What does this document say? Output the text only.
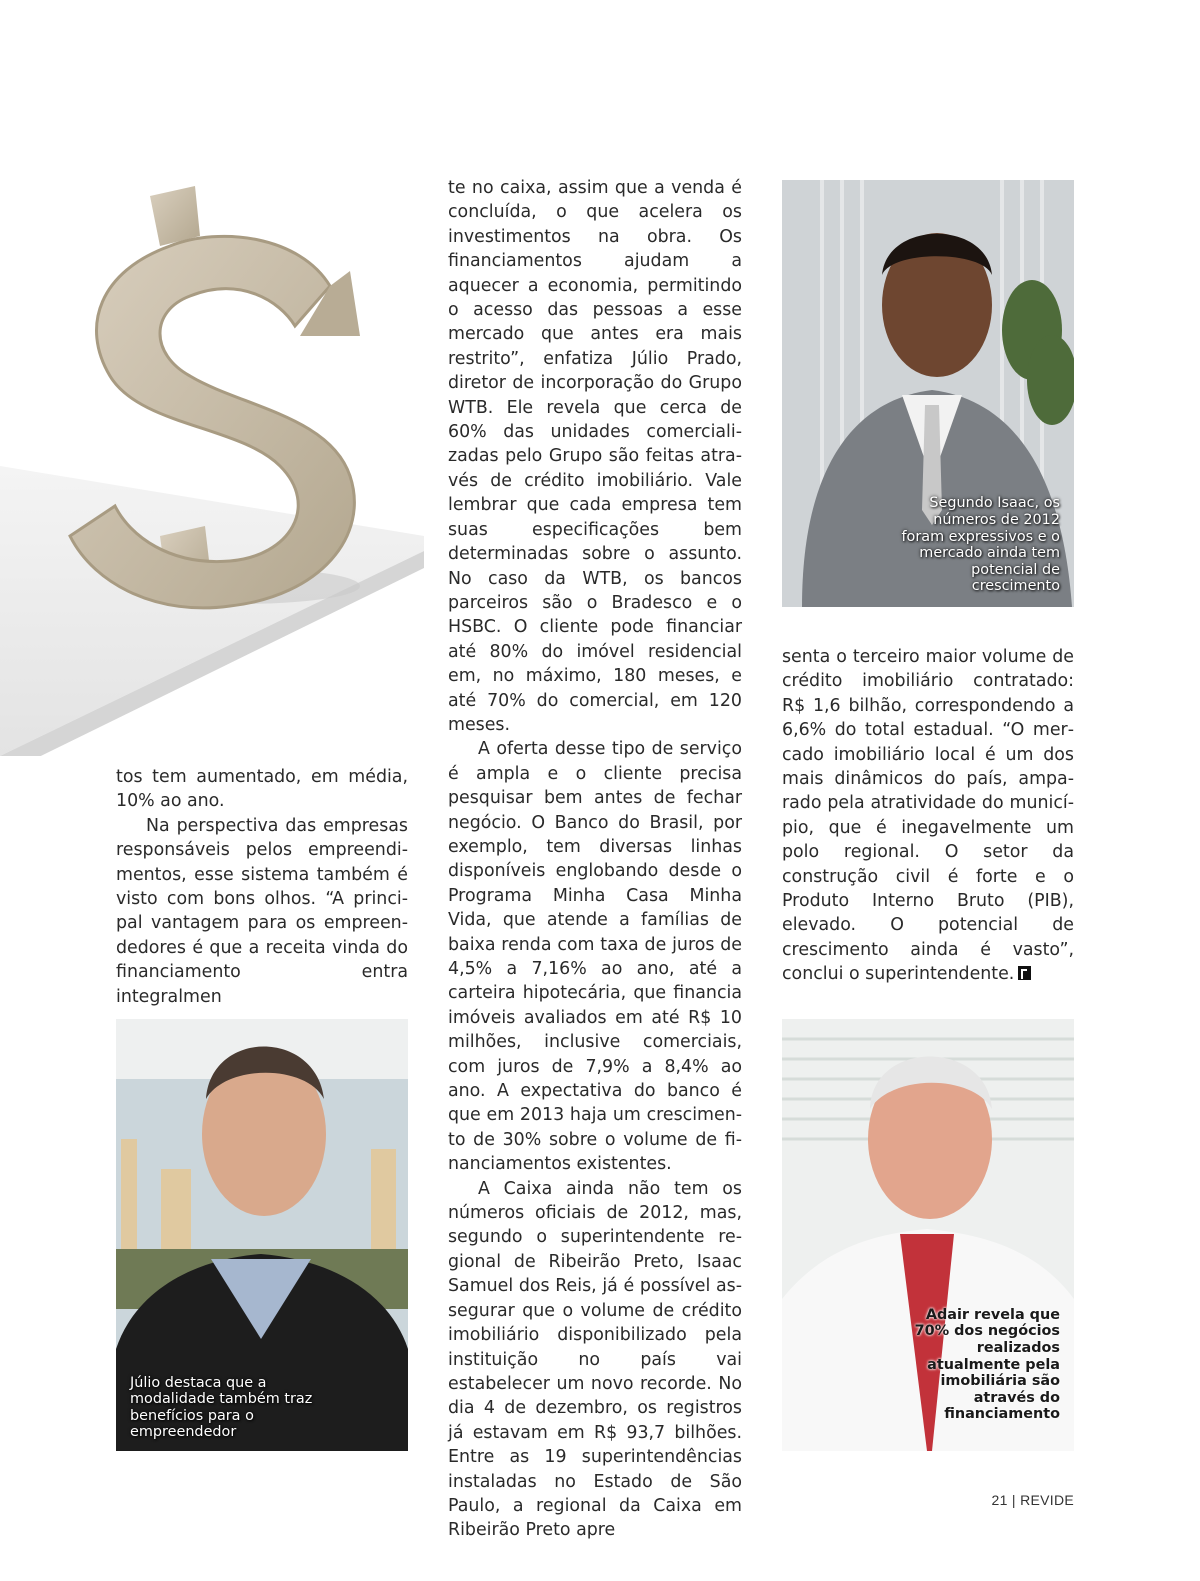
Segundo Isaac, os números de 2012 foram expressivos e o mercado ainda tem potencial de crescimento
Júlio destaca que a modalidade também traz benefícios para o empreendedor
Adair revela que 70% dos negócios realizados atualmente pela imobiliária são através do financiamento

tos tem aumentado, em média, 10% ao ano.

Na perspectiva das empresas responsáveis pelos empreendimentos, esse sistema também é visto com bons olhos. “A principal vantagem para os empreendedores é que a receita vinda do financiamento entra integralmen

te no caixa, assim que a venda é concluída, o que acelera os investimentos na obra. Os financiamentos ajudam a aquecer a economia, permitindo o acesso das pessoas a esse mercado que antes era mais restrito”, enfatiza Júlio Prado, diretor de incorporação do Grupo WTB. Ele revela que cerca de 60% das unidades comercializadas pelo Grupo são feitas através de crédito imobiliário. Vale lembrar que cada empresa tem suas especificações bem determinadas sobre o assunto. No caso da WTB, os bancos parceiros são o Bradesco e o HSBC. O cliente pode financiar até 80% do imóvel residencial em, no máximo, 180 meses, e até 70% do comercial, em 120 meses.

A oferta desse tipo de serviço é ampla e o cliente precisa pesquisar bem antes de fechar negócio. O Banco do Brasil, por exemplo, tem diversas linhas disponíveis englobando desde o Programa Minha Casa Minha Vida, que atende a famílias de baixa renda com taxa de juros de 4,5% a 7,16% ao ano, até a carteira hipotecária, que financia imóveis avaliados em até R$ 10 milhões, inclusive comerciais, com juros de 7,9% a 8,4% ao ano. A expectativa do banco é que em 2013 haja um crescimento de 30% sobre o volume de financiamentos existentes.

A Caixa ainda não tem os números oficiais de 2012, mas, segundo o superintendente regional de Ribeirão Preto, Isaac Samuel dos Reis, já é possível assegurar que o volume de crédito imobiliário disponibilizado pela instituição no país vai estabelecer um novo recorde. No dia 4 de dezembro, os registros já estavam em R$ 93,7 bilhões. Entre as 19 superintendências instaladas no Estado de São Paulo, a regional da Caixa em Ribeirão Preto apre

senta o terceiro maior volume de crédito imobiliário contratado: R$ 1,6 bilhão, correspondendo a 6,6% do total estadual. “O mercado imobiliário local é um dos mais dinâmicos do país, amparado pela atratividade do município, que é inegavelmente um polo regional. O setor da construção civil é forte e o Produto Interno Bruto (PIB), elevado. O potencial de crescimento ainda é vasto”, conclui o superintendente.

21 | REVIDE
